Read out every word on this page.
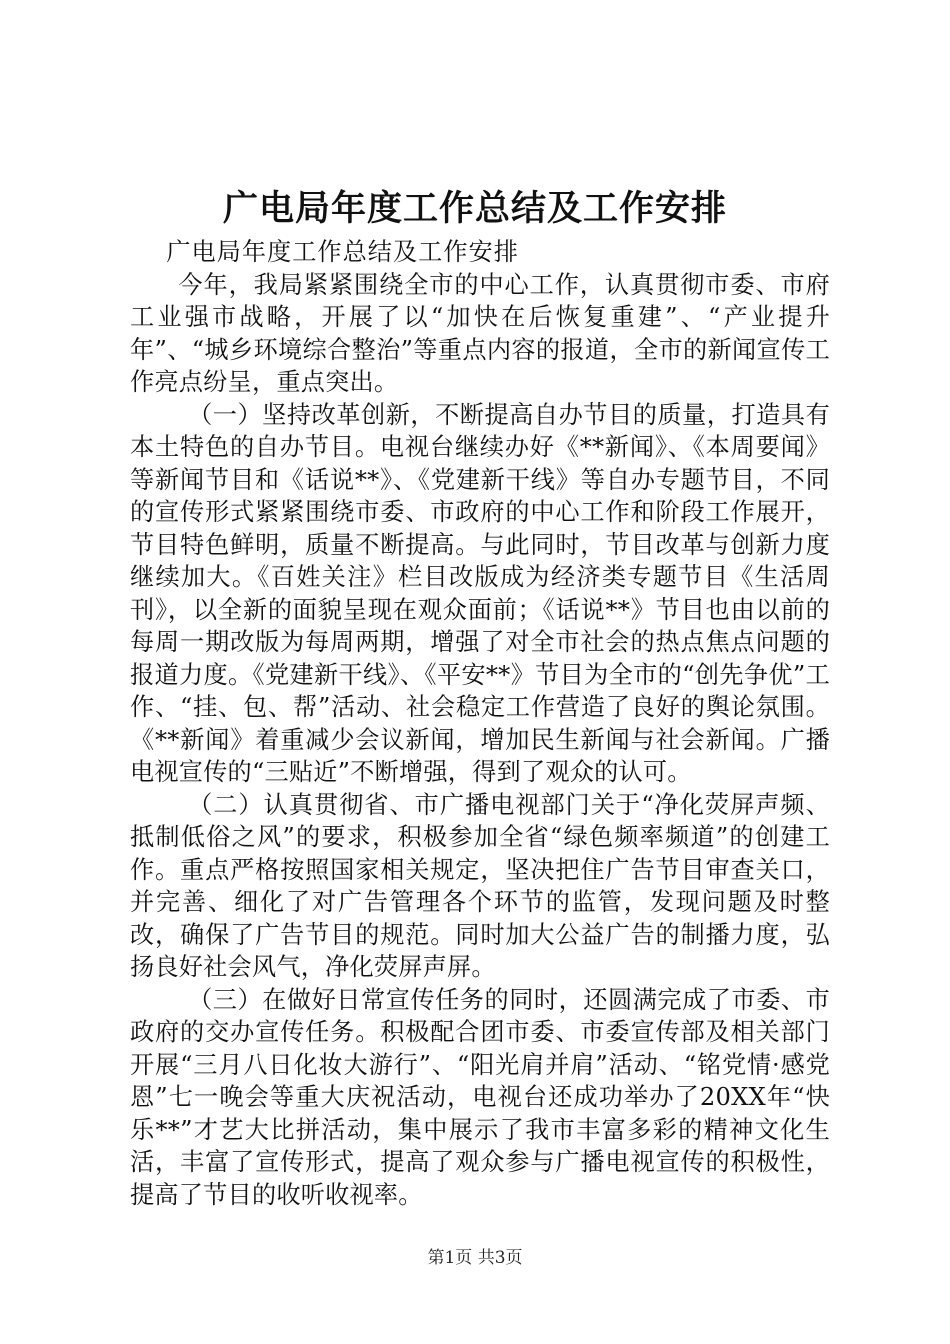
广电局年度工作总结及工作安排

广电局年度工作总结及工作安排

今年，我局紧紧围绕全市的中心工作，认真贯彻市委、市府工业强市战略，开展了以“加快在后恢复重建”、“产业提升年”、“城乡环境综合整治”等重点内容的报道，全市的新闻宣传工作亮点纷呈，重点突出。

（一）坚持改革创新，不断提高自办节目的质量，打造具有本土特色的自办节目。电视台继续办好《**新闻》、《本周要闻》等新闻节目和《话说**》、《党建新干线》等自办专题节目，不同的宣传形式紧紧围绕市委、市政府的中心工作和阶段工作展开，节目特色鲜明，质量不断提高。与此同时，节目改革与创新力度继续加大。《百姓关注》栏目改版成为经济类专题节目《生活周刊》，以全新的面貌呈现在观众面前；《话说**》节目也由以前的每周一期改版为每周两期，增强了对全市社会的热点焦点问题的报道力度。《党建新干线》、《平安**》节目为全市的“创先争优”工作、“挂、包、帮”活动、社会稳定工作营造了良好的舆论氛围。《**新闻》着重减少会议新闻，增加民生新闻与社会新闻。广播电视宣传的“三贴近”不断增强，得到了观众的认可。

（二）认真贯彻省、市广播电视部门关于“净化荧屏声频、抵制低俗之风”的要求，积极参加全省“绿色频率频道”的创建工作。重点严格按照国家相关规定，坚决把住广告节目审查关口，并完善、细化了对广告管理各个环节的监管，发现问题及时整改，确保了广告节目的规范。同时加大公益广告的制播力度，弘扬良好社会风气，净化荧屏声屏。

（三）在做好日常宣传任务的同时，还圆满完成了市委、市政府的交办宣传任务。积极配合团市委、市委宣传部及相关部门开展“三月八日化妆大游行”、“阳光肩并肩”活动、“铭党情·感党恩”七一晚会等重大庆祝活动，电视台还成功举办了20XX年“快乐**”才艺大比拼活动，集中展示了我市丰富多彩的精神文化生活，丰富了宣传形式，提高了观众参与广播电视宣传的积极性，提高了节目的收听收视率。

第1页 共3页
